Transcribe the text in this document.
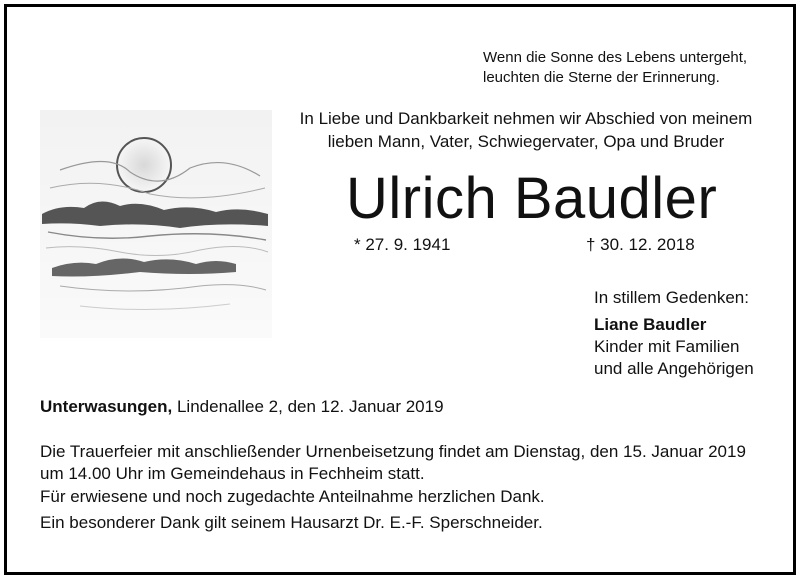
Wenn die Sonne des Lebens untergeht,
leuchten die Sterne der Erinnerung.
In Liebe und Dankbarkeit nehmen wir Abschied von meinem
lieben Mann, Vater, Schwiegervater, Opa und Bruder
Ulrich Baudler
* 27. 9. 1941	† 30. 12. 2018
In stillem Gedenken:
Liane Baudler
Kinder mit Familien
und alle Angehörigen
Unterwasungen, Lindenallee 2, den 12. Januar 2019
Die Trauerfeier mit anschließender Urnenbeisetzung findet am Dienstag, den 15. Januar 2019
um 14.00 Uhr im Gemeindehaus in Fechheim statt.
Für erwiesene und noch zugedachte Anteilnahme herzlichen Dank.
Ein besonderer Dank gilt seinem Hausarzt Dr. E.-F. Sperschneider.
